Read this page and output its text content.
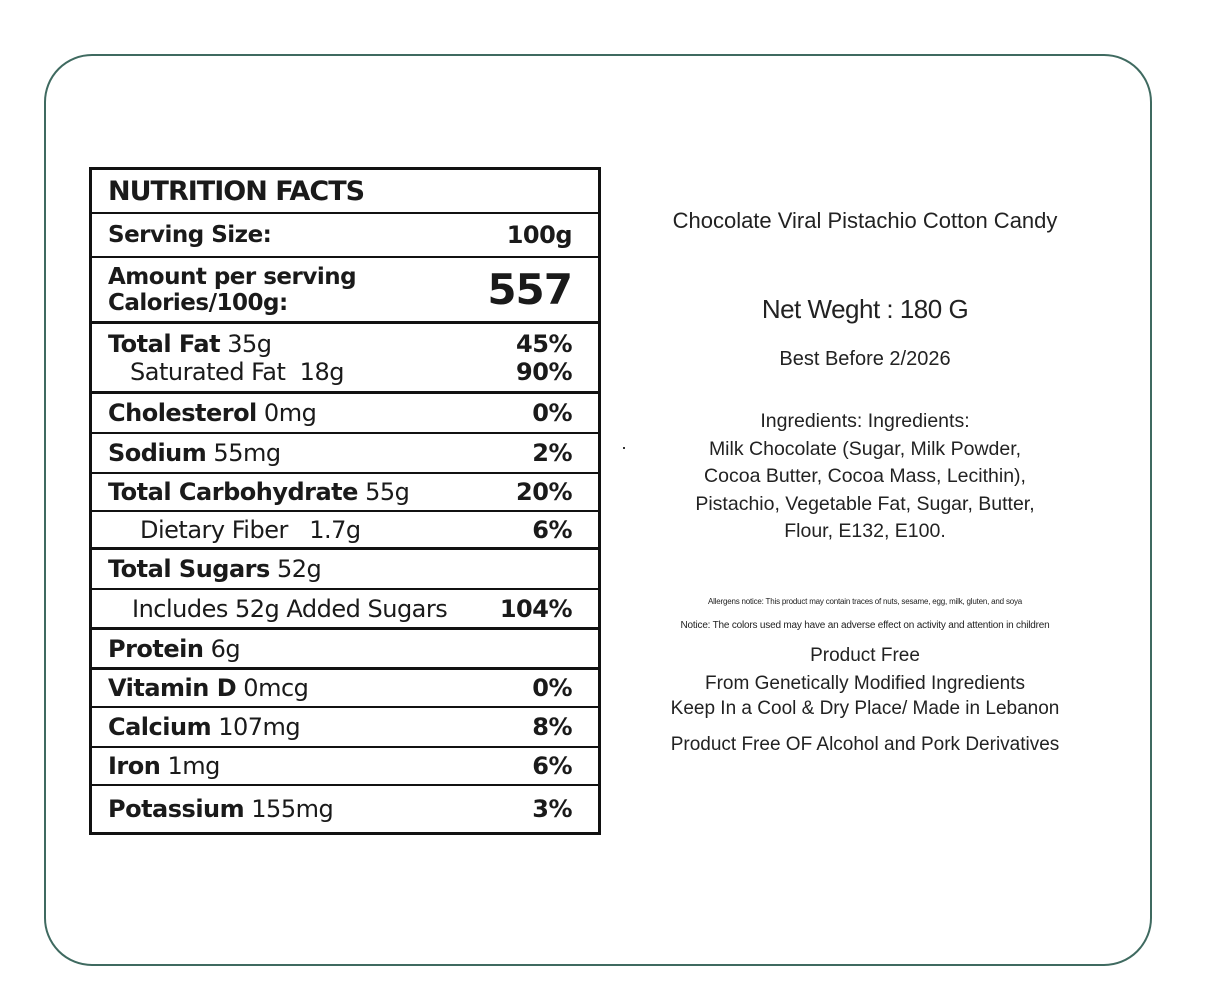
NUTRITION FACTS
Serving Size:	100g
Amount per serving
Calories/100g:	557
Total Fat 35g	45%
Saturated Fat 18g	90%
Cholesterol 0mg	0%
Sodium 55mg	2%
Total Carbohydrate 55g	20%
Dietary Fiber 1.7g	6%
Total Sugars 52g
Includes 52g Added Sugars	104%
Protein 6g
Vitamin D 0mcg	0%
Calcium 107mg	8%
Iron 1mg	6%
Potassium 155mg	3%
Chocolate Viral Pistachio Cotton Candy
Net Weght : 180 G
Best Before 2/2026
Ingredients: Ingredients:
Milk Chocolate (Sugar, Milk Powder,
Cocoa Butter, Cocoa Mass, Lecithin),
Pistachio, Vegetable Fat, Sugar, Butter,
Flour, E132, E100.
Allergens notice: This product may contain traces of nuts, sesame, egg, milk, gluten, and soya
Notice: The colors used may have an adverse effect on activity and attention in children
Product Free
From Genetically Modified Ingredients
Keep In a Cool & Dry Place/ Made in Lebanon
Product Free OF Alcohol and Pork Derivatives
